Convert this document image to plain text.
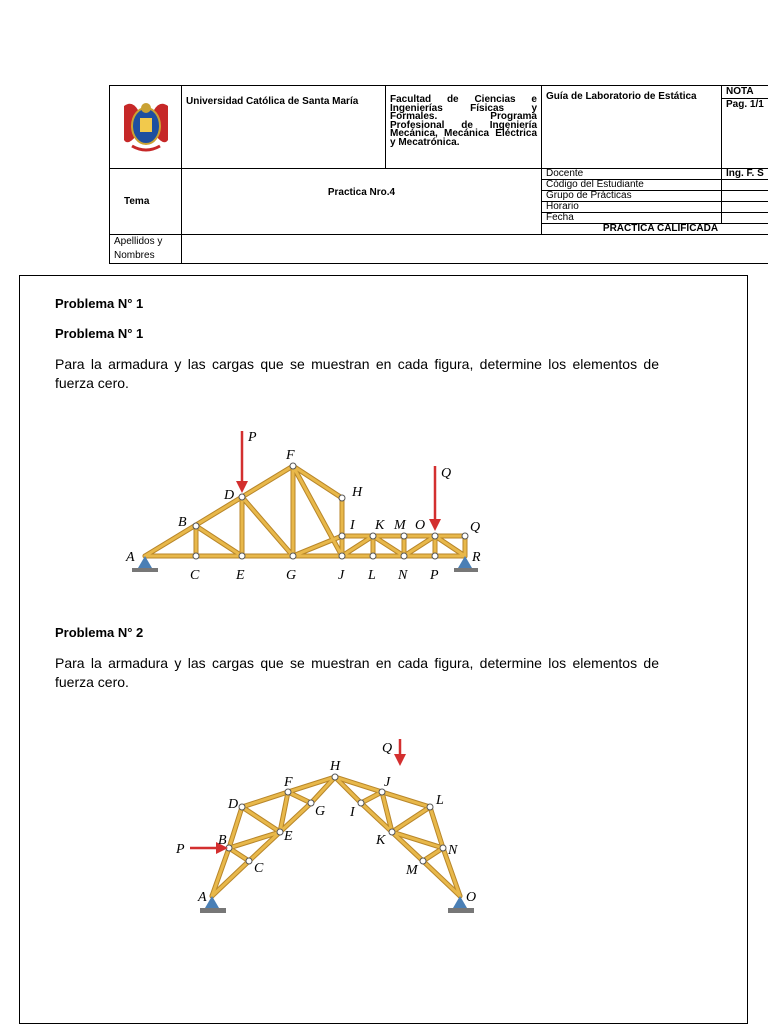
	Universidad Católica de Santa María	Facultad de Ciencias e Ingenierías Físicas y Formales. Programa Profesional de Ingeniería Mecánica, Mecánica Eléctrica y Mecatrónica.	Guía de Laboratorio de Estática	NOTA
				Pag. 1/1
Tema	Practica Nro.4		Docente	Ing. F. S
			Código del Estudiante	
			Grupo de Prácticas	
			Horario	
			Fecha	
			PRACTICA CALIFICADA	
Apellidos y Nombres				

Problema N° 1

Problema N° 1

Para la armadura y las cargas que se muestran en cada figura, determine los elementos de fuerza cero.

P
Q
A
B
C
D
E
F
G
H
I
J
K
L
M
N
O
P
Q
R

Problema N° 2

Para la armadura y las cargas que se muestran en cada figura, determine los elementos de fuerza cero.

P
Q
A
B
C
D
E
F
G
H
I
J
K
L
M
N
O
